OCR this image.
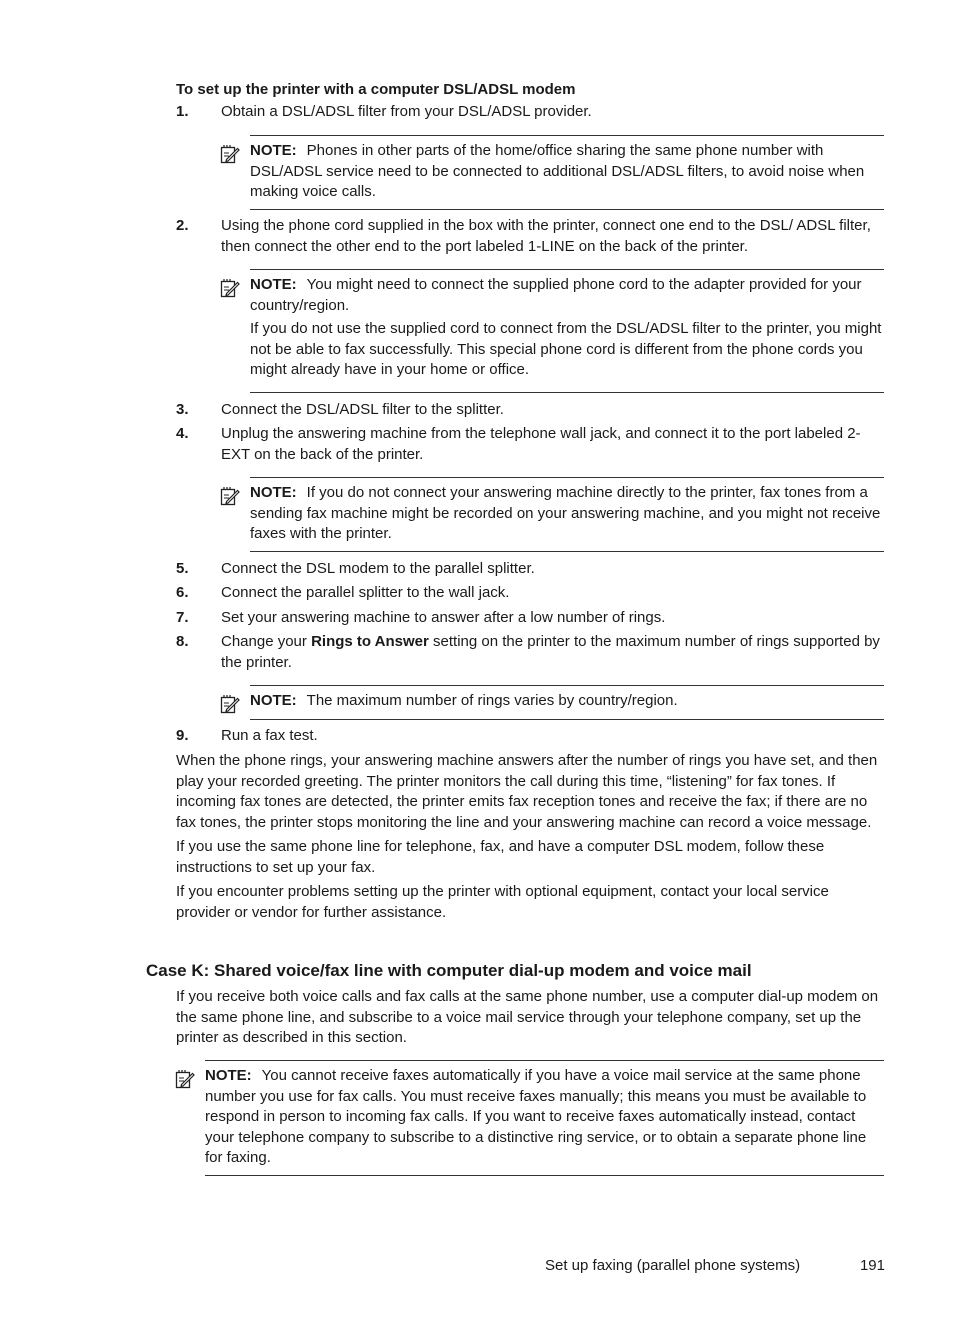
To set up the printer with a computer DSL/ADSL modem
1. Obtain a DSL/ADSL filter from your DSL/ADSL provider.

NOTE: Phones in other parts of the home/office sharing the same phone number with DSL/ADSL service need to be connected to additional DSL/ADSL filters, to avoid noise when making voice calls.

2. Using the phone cord supplied in the box with the printer, connect one end to the DSL/ ADSL filter, then connect the other end to the port labeled 1-LINE on the back of the printer.

NOTE: You might need to connect the supplied phone cord to the adapter provided for your country/region.

If you do not use the supplied cord to connect from the DSL/ADSL filter to the printer, you might not be able to fax successfully. This special phone cord is different from the phone cords you might already have in your home or office.

3. Connect the DSL/ADSL filter to the splitter.
4. Unplug the answering machine from the telephone wall jack, and connect it to the port labeled 2-EXT on the back of the printer.

NOTE: If you do not connect your answering machine directly to the printer, fax tones from a sending fax machine might be recorded on your answering machine, and you might not receive faxes with the printer.

5. Connect the DSL modem to the parallel splitter.
6. Connect the parallel splitter to the wall jack.
7. Set your answering machine to answer after a low number of rings.
8. Change your Rings to Answer setting on the printer to the maximum number of rings supported by the printer.

NOTE: The maximum number of rings varies by country/region.

9. Run a fax test.

When the phone rings, your answering machine answers after the number of rings you have set, and then play your recorded greeting. The printer monitors the call during this time, “listening” for fax tones. If incoming fax tones are detected, the printer emits fax reception tones and receive the fax; if there are no fax tones, the printer stops monitoring the line and your answering machine can record a voice message.

If you use the same phone line for telephone, fax, and have a computer DSL modem, follow these instructions to set up your fax.

If you encounter problems setting up the printer with optional equipment, contact your local service provider or vendor for further assistance.

Case K: Shared voice/fax line with computer dial-up modem and voice mail

If you receive both voice calls and fax calls at the same phone number, use a computer dial-up modem on the same phone line, and subscribe to a voice mail service through your telephone company, set up the printer as described in this section.

NOTE: You cannot receive faxes automatically if you have a voice mail service at the same phone number you use for fax calls. You must receive faxes manually; this means you must be available to respond in person to incoming fax calls. If you want to receive faxes automatically instead, contact your telephone company to subscribe to a distinctive ring service, or to obtain a separate phone line for faxing.

Set up faxing (parallel phone systems)	191
